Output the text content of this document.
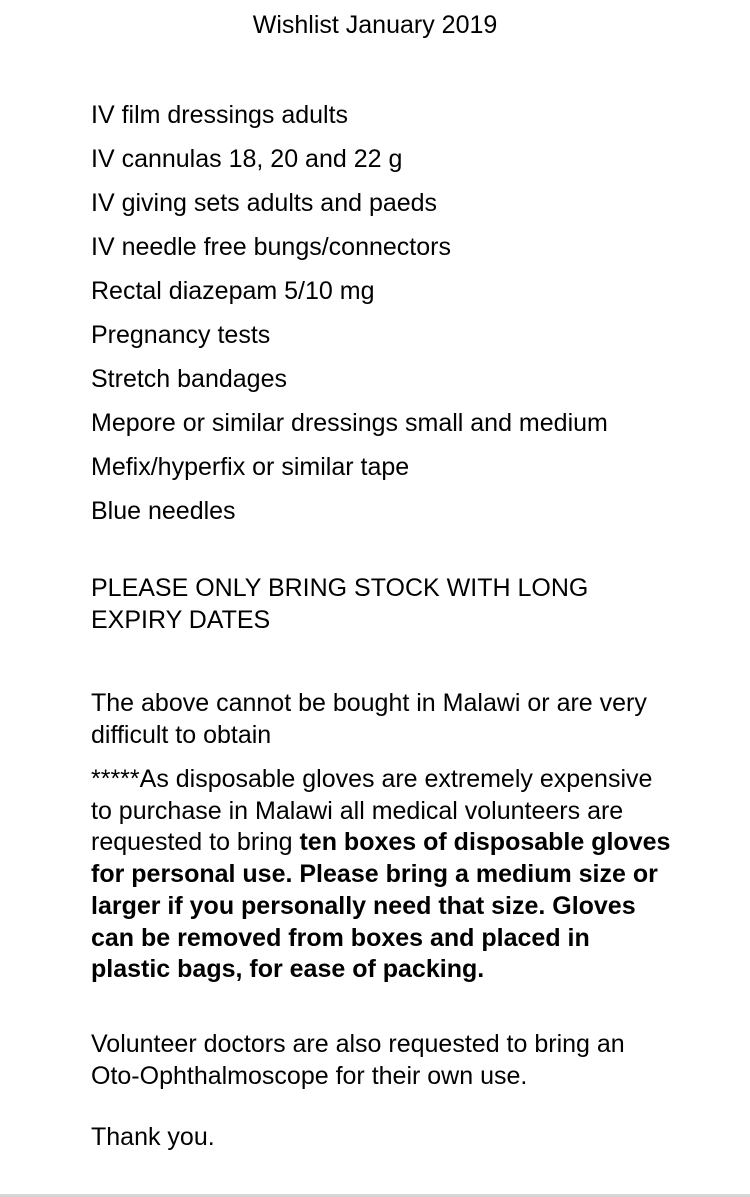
Wishlist January 2019
IV film dressings adults
IV cannulas 18, 20 and 22 g
IV giving sets adults and paeds
IV needle free bungs/connectors
Rectal diazepam 5/10 mg
Pregnancy tests
Stretch bandages
Mepore or similar dressings small and medium
Mefix/hyperfix or similar tape
Blue needles

PLEASE ONLY BRING STOCK WITH LONG EXPIRY DATES

The above cannot be bought in Malawi or are very difficult to obtain

*****As disposable gloves are extremely expensive to purchase in Malawi all medical volunteers are requested to bring ten boxes of disposable gloves for personal use. Please bring a medium size or larger if you personally need that size. Gloves can be removed from boxes and placed in plastic bags, for ease of packing.

Volunteer doctors are also requested to bring an Oto-Ophthalmoscope for their own use.

Thank you.
